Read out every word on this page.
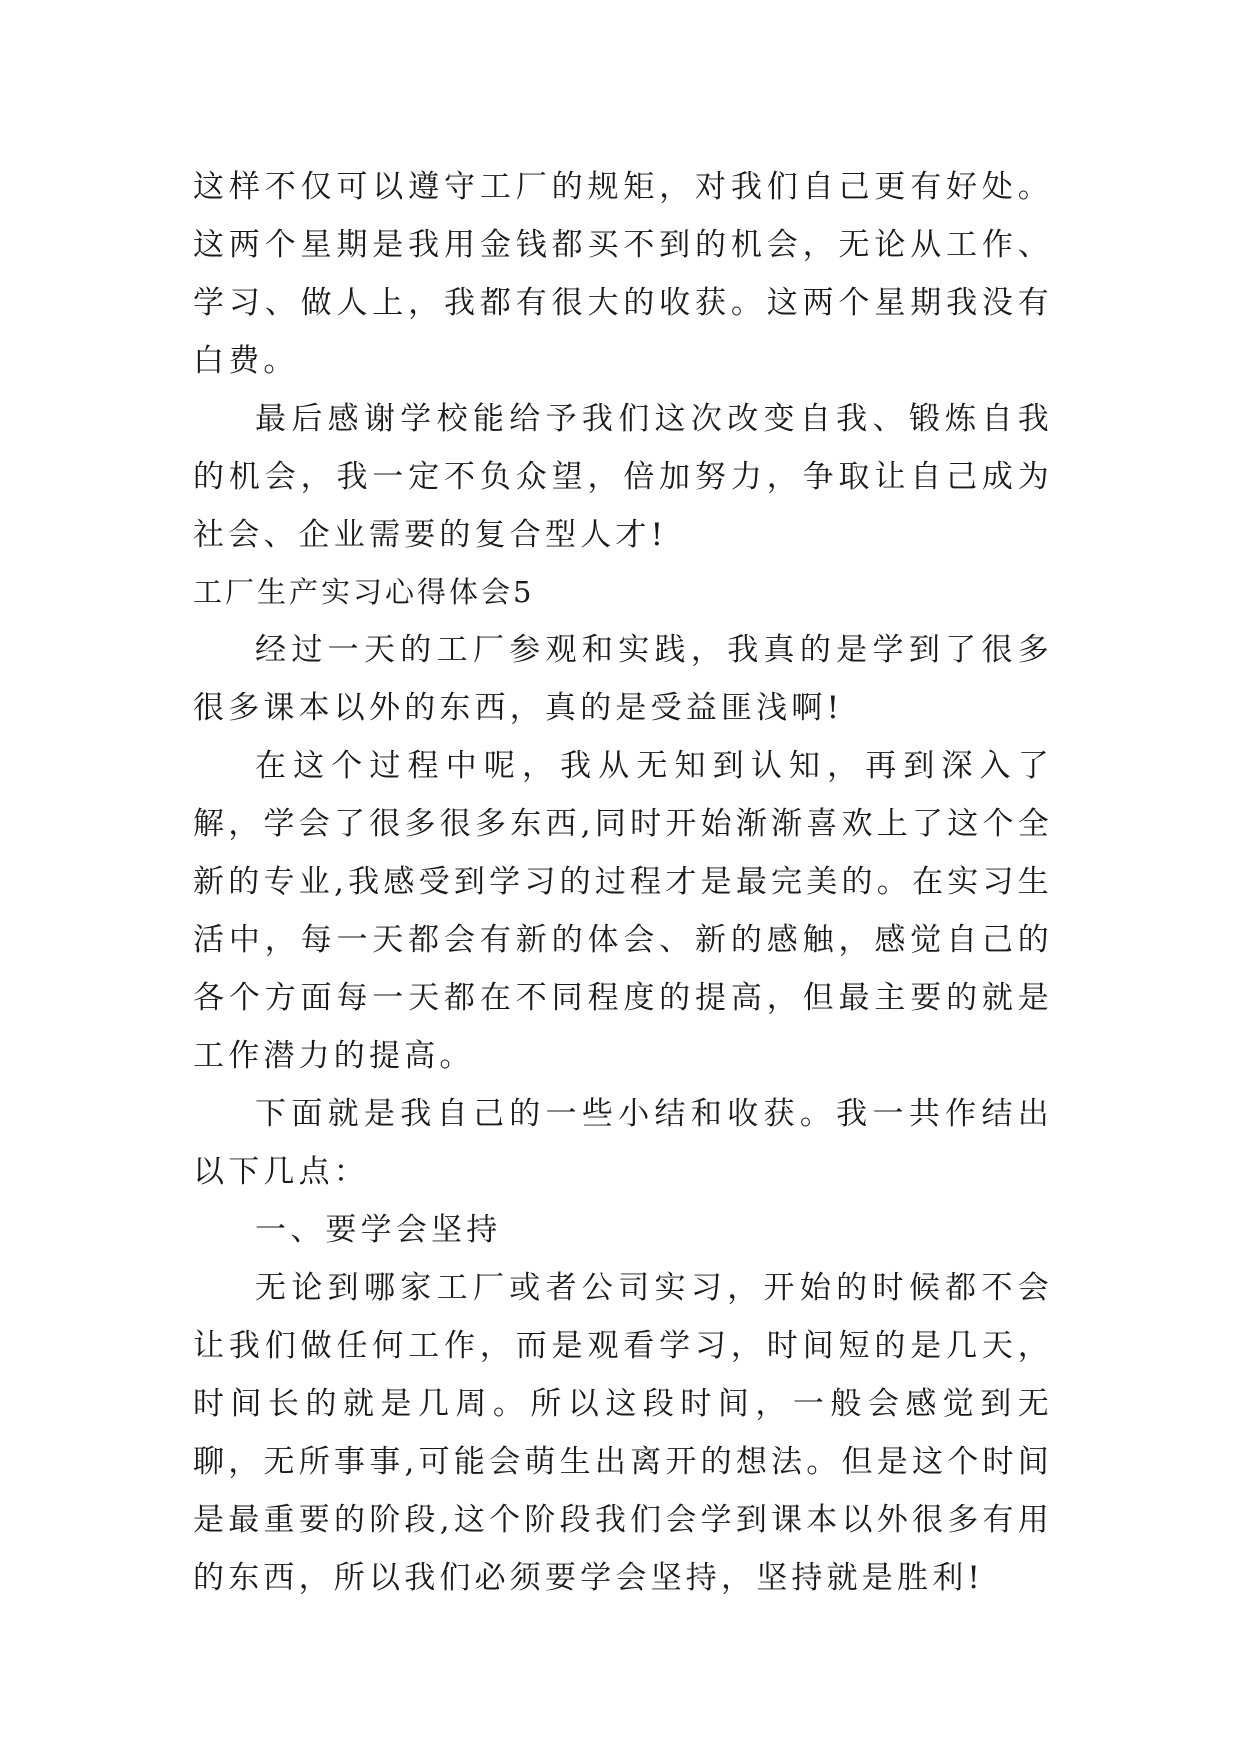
这样不仅可以遵守工厂的规矩，对我们自己更有好处。这两个星期是我用金钱都买不到的机会，无论从工作、学习、做人上，我都有很大的收获。这两个星期我没有白费。

最后感谢学校能给予我们这次改变自我、锻炼自我的机会，我一定不负众望，倍加努力，争取让自己成为社会、企业需要的复合型人才!

工厂生产实习心得体会5

经过一天的工厂参观和实践，我真的是学到了很多很多课本以外的东西，真的是受益匪浅啊!

在这个过程中呢，我从无知到认知，再到深入了解，学会了很多很多东西,同时开始渐渐喜欢上了这个全新的专业,我感受到学习的过程才是最完美的。在实习生活中，每一天都会有新的体会、新的感触，感觉自己的各个方面每一天都在不同程度的提高，但最主要的就是工作潜力的提高。

下面就是我自己的一些小结和收获。我一共作结出以下几点：

一、要学会坚持

无论到哪家工厂或者公司实习，开始的时候都不会让我们做任何工作，而是观看学习，时间短的是几天，时间长的就是几周。所以这段时间，一般会感觉到无聊，无所事事,可能会萌生出离开的想法。但是这个时间是最重要的阶段,这个阶段我们会学到课本以外很多有用的东西，所以我们必须要学会坚持，坚持就是胜利!
